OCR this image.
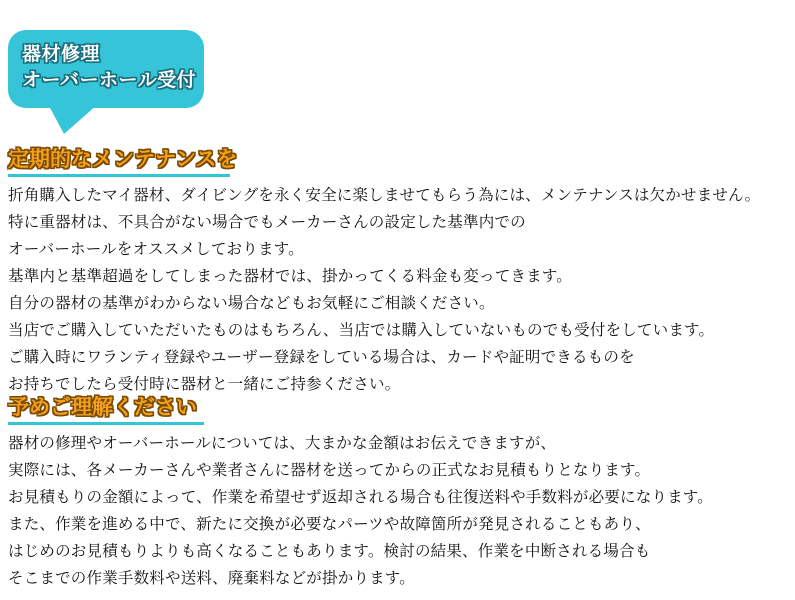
器材修理
オーバーホール受付
定期的なメンテナンスを
折角購入したマイ器材、ダイビングを永く安全に楽しませてもらう為には、メンテナンスは欠かせません。
特に重器材は、不具合がない場合でもメーカーさんの設定した基準内での
オーバーホールをオススメしております。
基準内と基準超過をしてしまった器材では、掛かってくる料金も変ってきます。
自分の器材の基準がわからない場合などもお気軽にご相談ください。
当店でご購入していただいたものはもちろん、当店では購入していないものでも受付をしています。
ご購入時にワランティ登録やユーザー登録をしている場合は、カードや証明できるものを
お持ちでしたら受付時に器材と一緒にご持参ください。
予めご理解ください
器材の修理やオーバーホールについては、大まかな金額はお伝えできますが、
実際には、各メーカーさんや業者さんに器材を送ってからの正式なお見積もりとなります。
お見積もりの金額によって、作業を希望せず返却される場合も往復送料や手数料が必要になります。
また、作業を進める中で、新たに交換が必要なパーツや故障箇所が発見されることもあり、
はじめのお見積もりよりも高くなることもあります。検討の結果、作業を中断される場合も
そこまでの作業手数料や送料、廃棄料などが掛かります。
